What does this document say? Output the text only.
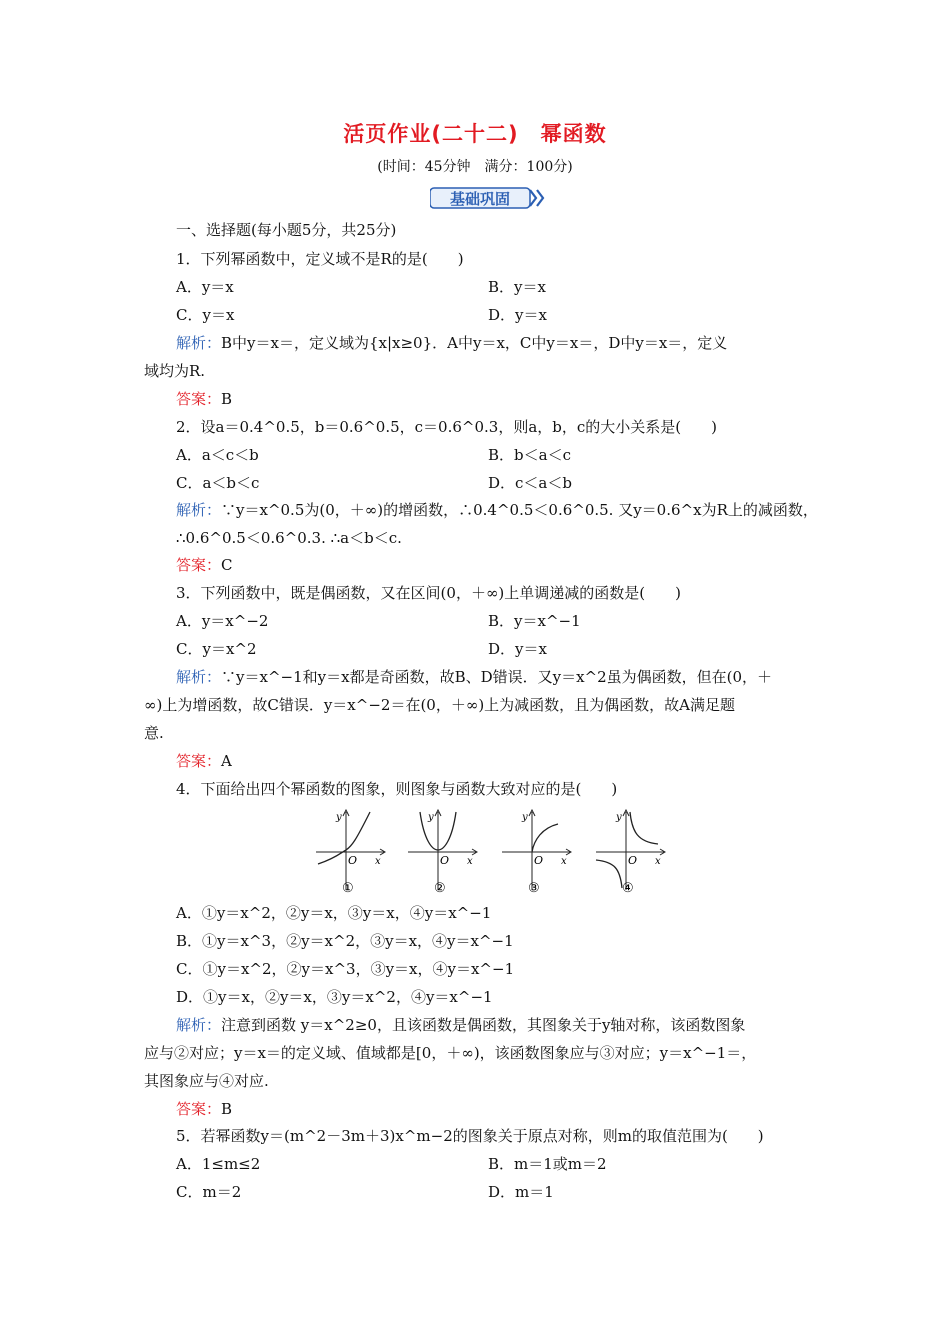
活页作业(二十二)　幂函数
(时间：45分钟　满分：100分)
基础巩固
一、选择题(每小题5分，共25分)
1．下列幂函数中，定义域不是R的是(　　)
A．y＝x	B．y＝x
C．y＝x	D．y＝x
解析：B中y＝x＝，定义域为{x|x≥0}．A中y＝x，C中y＝x＝，D中y＝x＝，定义
域均为R.
答案：B
2．设a＝0.4^0.5，b＝0.6^0.5，c＝0.6^0.3，则a，b，c的大小关系是(　　)
A．a＜c＜b	B．b＜a＜c
C．a＜b＜c	D．c＜a＜b
解析：∵y＝x^0.5为(0，＋∞)的增函数，∴0.4^0.5＜0.6^0.5. 又y＝0.6^x为R上的减函数，
∴0.6^0.5＜0.6^0.3. ∴a＜b＜c.
答案：C
3．下列函数中，既是偶函数，又在区间(0，＋∞)上单调递减的函数是(　　)
A．y＝x^−2	B．y＝x^−1
C．y＝x^2	D．y＝x
解析：∵y＝x^−1和y＝x都是奇函数，故B、D错误．又y＝x^2虽为偶函数，但在(0，＋
∞)上为增函数，故C错误．y＝x^−2＝在(0，＋∞)上为减函数，且为偶函数，故A满足题
意.
答案：A
4．下面给出四个幂函数的图象，则图象与函数大致对应的是(　　)
y
x
O
①
y
x
O
②
y
x
O
③
y
x
O
④
A．①y＝x^2，②y＝x，③y＝x，④y＝x^−1
B．①y＝x^3，②y＝x^2，③y＝x，④y＝x^−1
C．①y＝x^2，②y＝x^3，③y＝x，④y＝x^−1
D．①y＝x，②y＝x，③y＝x^2，④y＝x^−1
解析：注意到函数 y＝x^2≥0，且该函数是偶函数，其图象关于y轴对称，该函数图象
应与②对应；y＝x＝的定义域、值域都是[0，＋∞)，该函数图象应与③对应；y＝x^−1＝，
其图象应与④对应.
答案：B
5．若幂函数y＝(m^2－3m＋3)x^m−2的图象关于原点对称，则m的取值范围为(　　)
A．1≤m≤2	B．m＝1或m＝2
C．m＝2	D．m＝1
